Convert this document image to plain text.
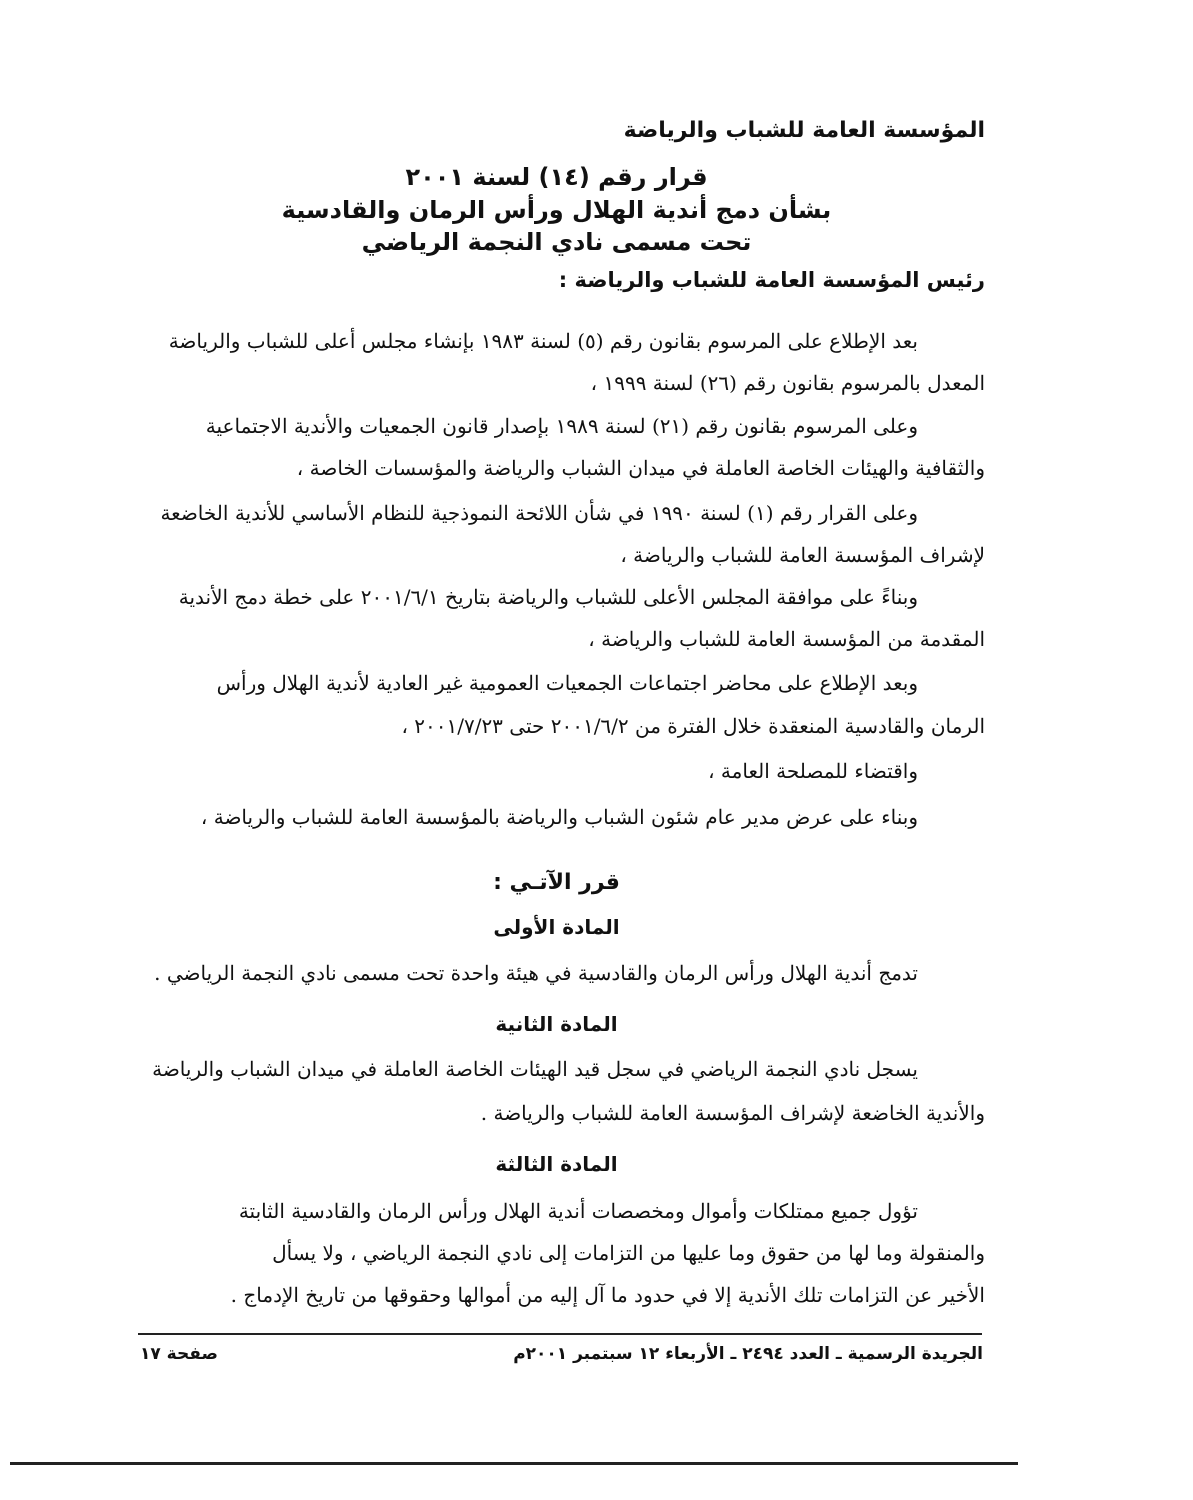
المؤسسة العامة للشباب والرياضة
قرار رقم (١٤) لسنة ٢٠٠١
بشأن دمج أندية الهلال ورأس الرمان والقادسية
تحت مسمى نادي النجمة الرياضي
رئيس المؤسسة العامة للشباب والرياضة :
بعد الإطلاع على المرسوم بقانون رقم (٥) لسنة ١٩٨٣ بإنشاء مجلس أعلى للشباب والرياضة
المعدل بالمرسوم بقانون رقم (٢٦) لسنة ١٩٩٩ ،
وعلى المرسوم بقانون رقم (٢١) لسنة ١٩٨٩ بإصدار قانون الجمعيات والأندية الاجتماعية
والثقافية والهيئات الخاصة العاملة في ميدان الشباب والرياضة والمؤسسات الخاصة ،
وعلى القرار رقم (١) لسنة ١٩٩٠ في شأن اللائحة النموذجية للنظام الأساسي للأندية الخاضعة
لإشراف المؤسسة العامة للشباب والرياضة ،
وبناءً على موافقة المجلس الأعلى للشباب والرياضة بتاريخ ٢٠٠١/٦/١ على خطة دمج الأندية
المقدمة من المؤسسة العامة للشباب والرياضة ،
وبعد الإطلاع على محاضر اجتماعات الجمعيات العمومية غير العادية لأندية الهلال ورأس
الرمان والقادسية المنعقدة خلال الفترة من ٢٠٠١/٦/٢ حتى ٢٠٠١/٧/٢٣ ،
واقتضاء للمصلحة العامة ،
وبناء على عرض مدير عام شئون الشباب والرياضة بالمؤسسة العامة للشباب والرياضة ،
قرر الآتـي :
المادة الأولى
تدمج أندية الهلال ورأس الرمان والقادسية في هيئة واحدة تحت مسمى نادي النجمة الرياضي .
المادة الثانية
يسجل نادي النجمة الرياضي في سجل قيد الهيئات الخاصة العاملة في ميدان الشباب والرياضة
والأندية الخاضعة لإشراف المؤسسة العامة للشباب والرياضة .
المادة الثالثة
تؤول جميع ممتلكات وأموال ومخصصات أندية الهلال ورأس الرمان والقادسية الثابتة
والمنقولة وما لها من حقوق وما عليها من التزامات إلى نادي النجمة الرياضي ، ولا يسأل
الأخير عن التزامات تلك الأندية إلا في حدود ما آل إليه من أموالها وحقوقها من تاريخ الإدماج .
الجريدة الرسمية ـ العدد ٢٤٩٤ ـ الأربعاء ١٢ سبتمبر ٢٠٠١م
صفحة ١٧
